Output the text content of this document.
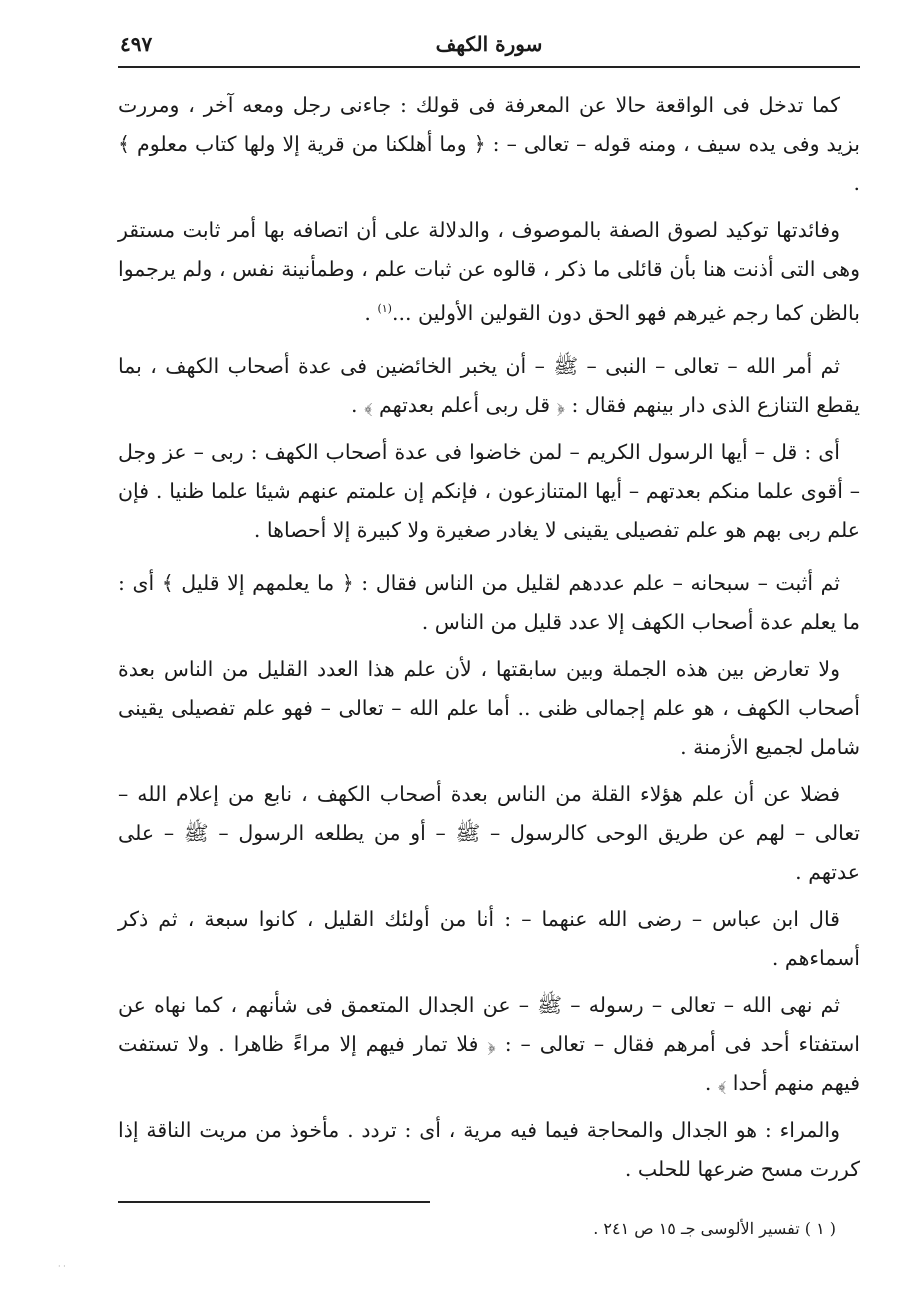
سورة الكهف
٤٩٧

كما تدخل فى الواقعة حالا عن المعرفة فى قولك : جاءنى رجل ومعه آخر ، ومررت بزيد وفى يده سيف ، ومنه قوله – تعالى – : ﴿ وما أهلكنا من قرية إلا ولها كتاب معلوم ﴾ .

وفائدتها توكيد لصوق الصفة بالموصوف ، والدلالة على أن اتصافه بها أمر ثابت مستقر وهى التى أذنت هنا بأن قائلى ما ذكر ، قالوه عن ثبات علم ، وطمأنينة نفس ، ولم يرجموا بالظن كما رجم غيرهم فهو الحق دون القولين الأولين ...$^{(١)}$ .

ثم أمر الله – تعالى – النبى – ﷺ – أن يخبر الخائضين فى عدة أصحاب الكهف ، بما يقطع التنازع الذى دار بينهم فقال : ﴿ قل ربى أعلم بعدتهم ﴾ .

أى : قل – أيها الرسول الكريم – لمن خاضوا فى عدة أصحاب الكهف : ربى – عز وجل – أقوى علما منكم بعدتهم – أيها المتنازعون ، فإنكم إن علمتم عنهم شيئا علما ظنيا . فإن علم ربى بهم هو علم تفصيلى يقينى لا يغادر صغيرة ولا كبيرة إلا أحصاها .

ثم أثبت – سبحانه – علم عددهم لقليل من الناس فقال : ﴿ ما يعلمهم إلا قليل ﴾ أى : ما يعلم عدة أصحاب الكهف إلا عدد قليل من الناس .

ولا تعارض بين هذه الجملة وبين سابقتها ، لأن علم هذا العدد القليل من الناس بعدة أصحاب الكهف ، هو علم إجمالى ظنى .. أما علم الله – تعالى – فهو علم تفصيلى يقينى شامل لجميع الأزمنة .

فضلا عن أن علم هؤلاء القلة من الناس بعدة أصحاب الكهف ، نابع من إعلام الله – تعالى – لهم عن طريق الوحى كالرسول – ﷺ – أو من يطلعه الرسول – ﷺ – على عدتهم .

قال ابن عباس – رضى الله عنهما – : أنا من أولئك القليل ، كانوا سبعة ، ثم ذكر أسماءهم .

ثم نهى الله – تعالى – رسوله – ﷺ – عن الجدال المتعمق فى شأنهم ، كما نهاه عن استفتاء أحد فى أمرهم فقال – تعالى – : ﴿ فلا تمار فيهم إلا مراءً ظاهرا . ولا تستفت فيهم منهم أحدا ﴾ .

والمراء : هو الجدال والمحاجة فيما فيه مرية ، أى : تردد . مأخوذ من مريت الناقة إذا كررت مسح ضرعها للحلب .

( ١ ) تفسير الألوسى جـ ١٥ ص ٢٤١ .
· ·
